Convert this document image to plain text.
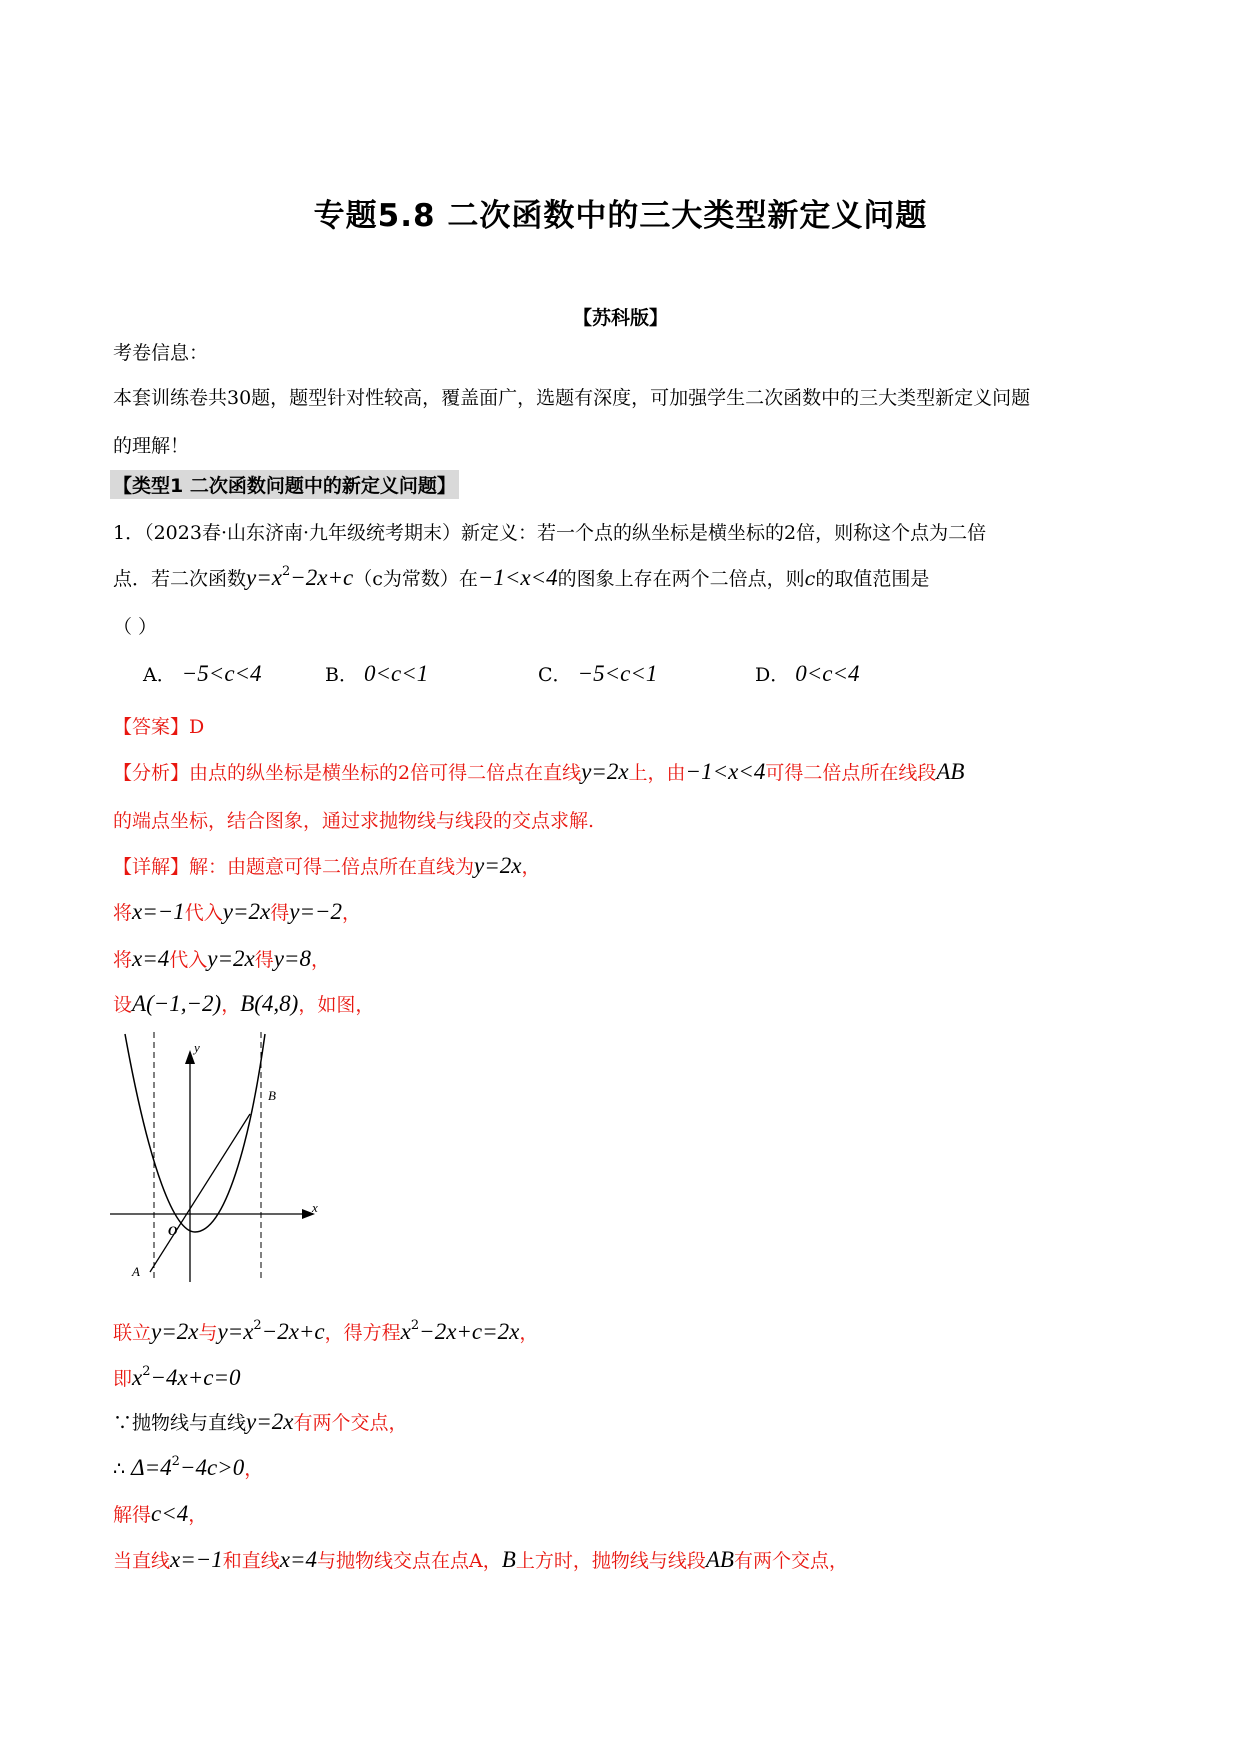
专题5.8 二次函数中的三大类型新定义问题
【苏科版】
考卷信息：
本套训练卷共30题，题型针对性较高，覆盖面广，选题有深度，可加强学生二次函数中的三大类型新定义问题
的理解！
【类型1 二次函数问题中的新定义问题】
1．（2023春·山东济南·九年级统考期末）新定义：若一个点的纵坐标是横坐标的2倍，则称这个点为二倍
点．若二次函数$y=x^2-2x+c(c$为常数）在−1<x<4的图象上存在两个二倍点，则c的取值范围是
（ ）
A． −5<c<4	B． 0<c<1	C． −5<c<1	D． 0<c<4
【答案】D
【分析】由点的纵坐标是横坐标的2倍可得二倍点在直线y=2x上，由−1<x<4可得二倍点所在线段AB
的端点坐标，结合图象，通过求抛物线与线段的交点求解.
【详解】解：由题意可得二倍点所在直线为y=2x，
将x=−1代入y=2x得y=−2，
将x=4代入y=2x得y=8，
设A(−1,−2)，B(4,8)，如图，
y
x
O
A
B
联立y=2x与$y=x^2-2x+c$，得方程$x^2-2x+c=2x$，
即$x^2-4x+c=0$
∵抛物线与直线y=2x有两个交点，
∴ $\Delta=4^2-4c>0$，
解得c<4，
当直线x=−1和直线x=4与抛物线交点在点A，B上方时，抛物线与线段AB有两个交点，
